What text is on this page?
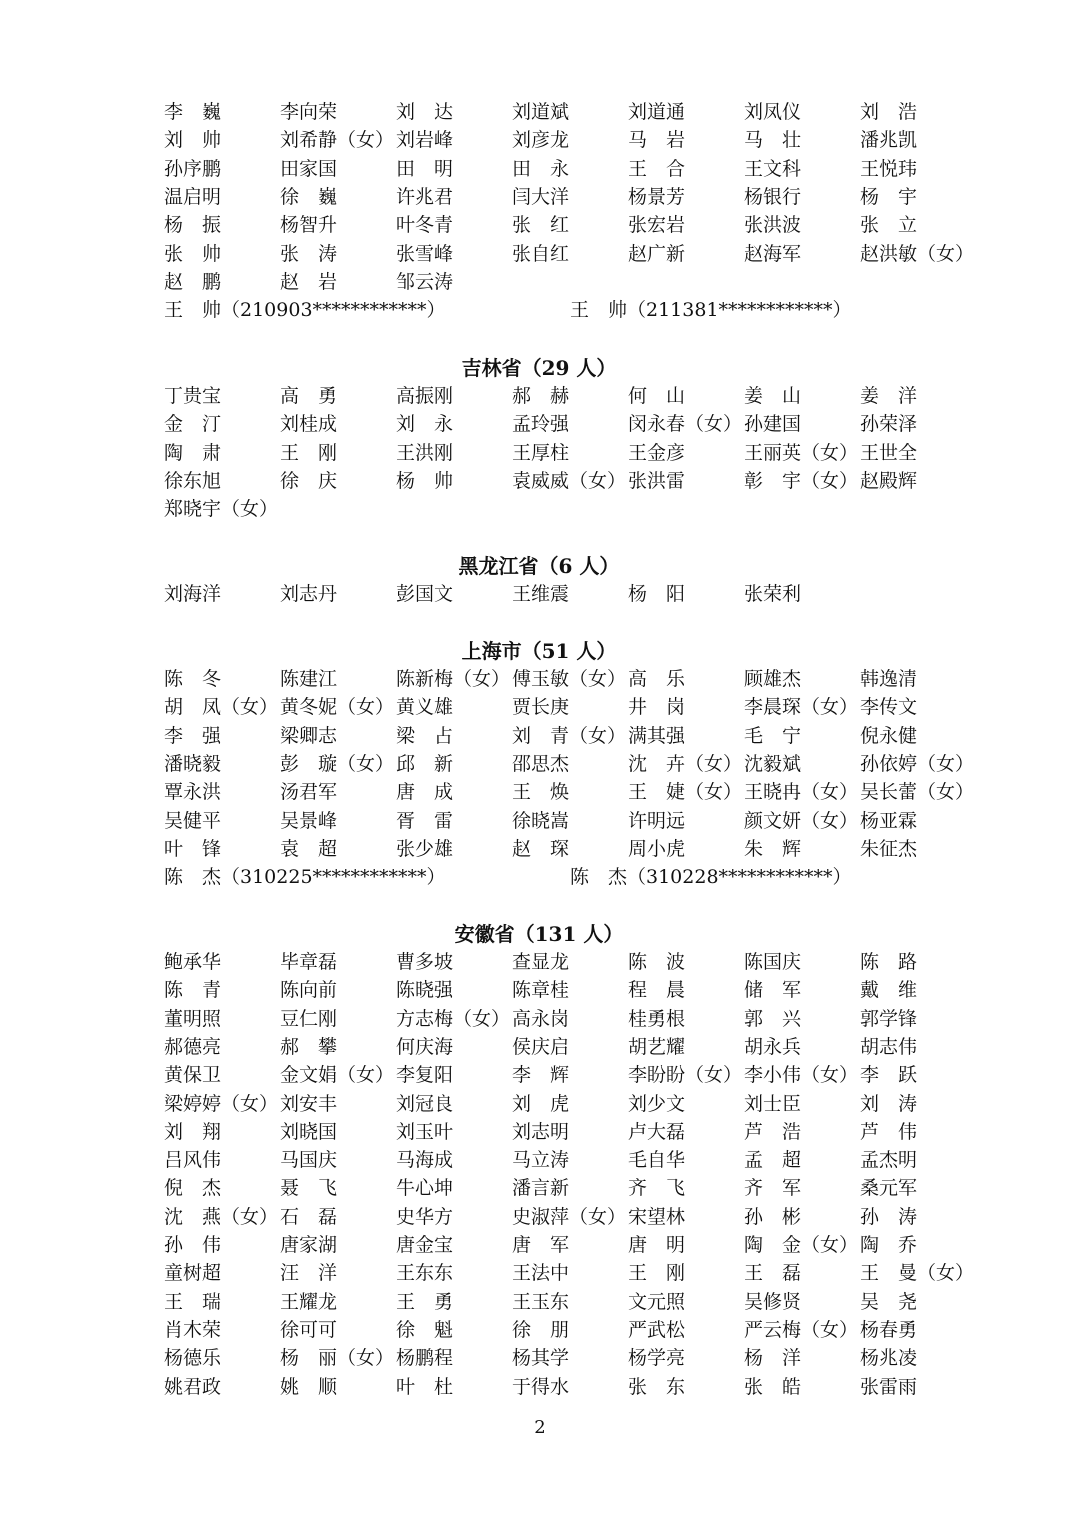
李　巍	李向荣	刘　达	刘道斌	刘道通	刘凤仪	刘　浩
刘　帅	刘希静（女） 刘岩峰	刘彦龙	马　岩	马　壮	潘兆凯
孙序鹏	田家国	田　明	田　永	王　合	王文科	王悦玮
温启明	徐　巍	许兆君	闫大洋	杨景芳	杨银行	杨　宇
杨　振	杨智升	叶冬青	张　红	张宏岩	张洪波	张　立
张　帅	张　涛	张雪峰	张自红	赵广新	赵海军	赵洪敏（女）
赵　鹏	赵　岩	邹云涛
王　帅（210903************）	王　帅（211381************）
吉林省（29 人）
丁贵宝	高　勇	高振刚	郝　赫	何　山	姜　山	姜　洋
金　汀	刘桂成	刘　永	孟玲强	闵永春（女） 孙建国	孙荣泽
陶　肃	王　刚	王洪刚	王厚柱	王金彦	王丽英（女） 王世全
徐东旭	徐　庆	杨　帅	袁威威（女） 张洪雷	彰　宇（女） 赵殿辉
郑晓宇（女）
黑龙江省（6 人）
刘海洋	刘志丹	彭国文	王维震	杨　阳	张荣利
上海市（51 人）
陈　冬	陈建江	陈新梅（女） 傅玉敏（女） 高　乐	顾雄杰	韩逸清
胡　凤（女） 黄冬妮（女） 黄义雄	贾长庚	井　岗	李晨琛（女） 李传文
李　强	梁卿志	梁　占	刘　青（女） 满其强	毛　宁	倪永健
潘晓毅	彭　璇（女） 邱　新	邵思杰	沈　卉（女） 沈毅斌	孙依婷（女）
覃永洪	汤君军	唐　成	王　焕	王　婕（女） 王晓冉（女） 吴长蕾（女）
吴健平	吴景峰	胥　雷	徐晓嵩	许明远	颜文妍（女） 杨亚霖
叶　锋	袁　超	张少雄	赵　琛	周小虎	朱　辉	朱征杰
陈　杰（310225************）	陈　杰（310228************）
安徽省（131 人）
鲍承华	毕章磊	曹多坡	查显龙	陈　波	陈国庆	陈　路
陈　青	陈向前	陈晓强	陈章桂	程　晨	储　军	戴　维
董明照	豆仁刚	方志梅（女） 高永岗	桂勇根	郭　兴	郭学锋
郝德亮	郝　攀	何庆海	侯庆启	胡艺耀	胡永兵	胡志伟
黄保卫	金文娟（女） 李复阳	李　辉	李盼盼（女） 李小伟（女） 李　跃
梁婷婷（女） 刘安丰	刘冠良	刘　虎	刘少文	刘士臣	刘　涛
刘　翔	刘晓国	刘玉叶	刘志明	卢大磊	芦　浩	芦　伟
吕风伟	马国庆	马海成	马立涛	毛自华	孟　超	孟杰明
倪　杰	聂　飞	牛心坤	潘言新	齐　飞	齐　军	桑元军
沈　燕（女） 石　磊	史华方	史淑萍（女） 宋望林	孙　彬	孙　涛
孙　伟	唐家湖	唐金宝	唐　军	唐　明	陶　金（女） 陶　乔
童树超	汪　洋	王东东	王法中	王　刚	王　磊	王　曼（女）
王　瑞	王耀龙	王　勇	王玉东	文元照	吴修贤	吴　尧
肖木荣	徐可可	徐　魁	徐　朋	严武松	严云梅（女） 杨春勇
杨德乐	杨　丽（女） 杨鹏程	杨其学	杨学亮	杨　洋	杨兆凌
姚君政	姚　顺	叶　杜	于得水	张　东	张　皓	张雷雨
2
